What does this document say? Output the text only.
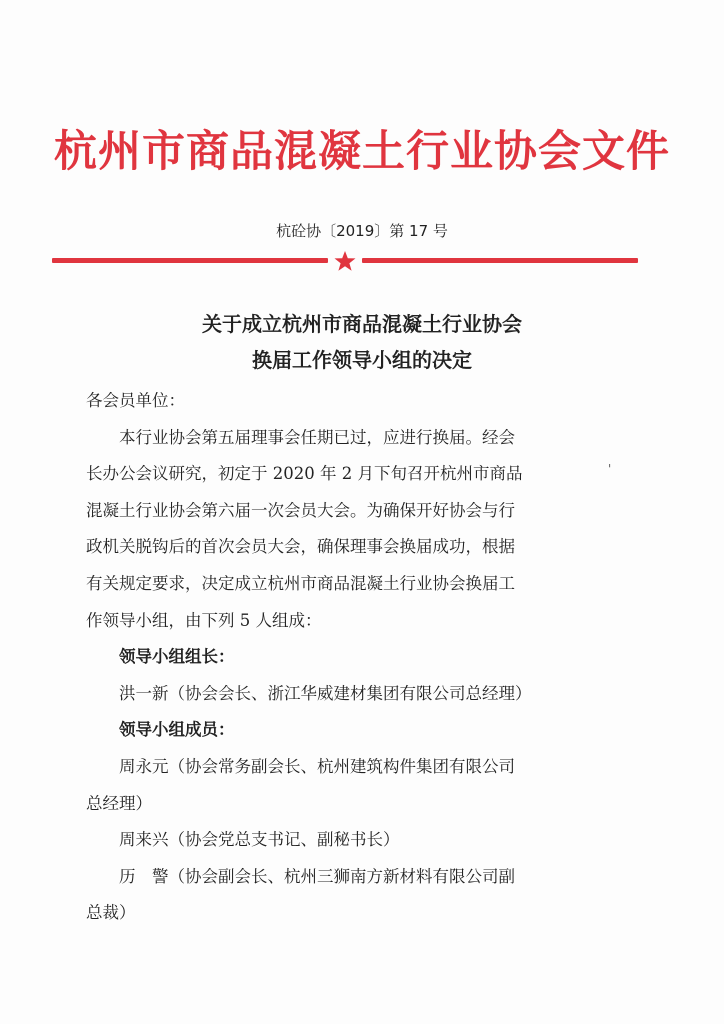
杭州市商品混凝土行业协会文件
杭砼协〔2019〕第 17 号
关于成立杭州市商品混凝土行业协会
换届工作领导小组的决定
各会员单位：
　　本行业协会第五届理事会任期已过，应进行换届。经会
长办公会议研究，初定于 2020 年 2 月下旬召开杭州市商品
混凝土行业协会第六届一次会员大会。为确保开好协会与行
政机关脱钩后的首次会员大会，确保理事会换届成功，根据
有关规定要求，决定成立杭州市商品混凝土行业协会换届工
作领导小组，由下列 5 人组成：
　　领导小组组长：
　　洪一新（协会会长、浙江华威建材集团有限公司总经理）
　　领导小组成员：
　　周永元（协会常务副会长、杭州建筑构件集团有限公司
总经理）
　　周来兴（协会党总支书记、副秘书长）
　　历　警（协会副会长、杭州三狮南方新材料有限公司副
总裁）
'
